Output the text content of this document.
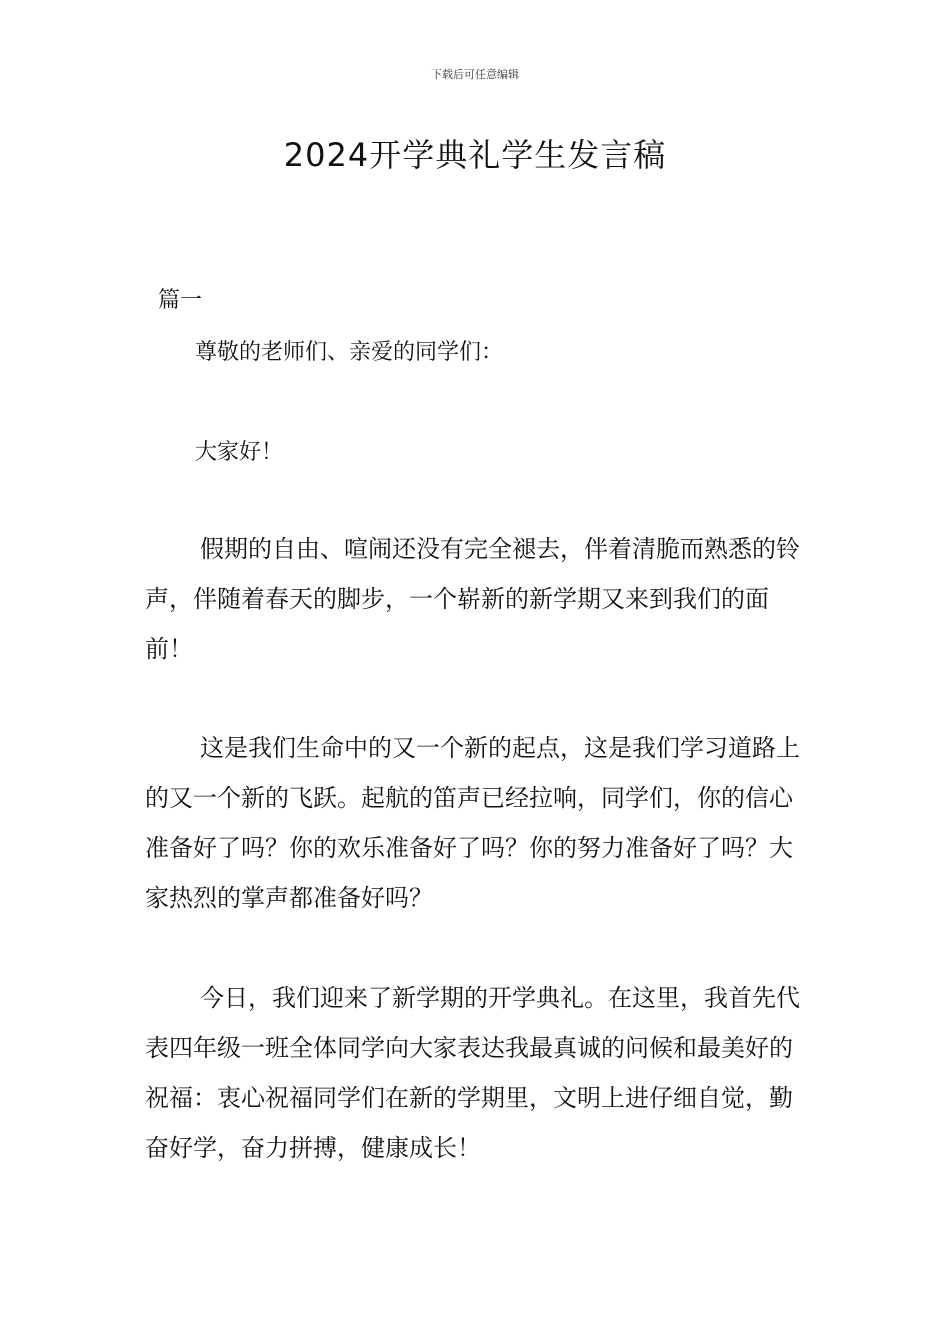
下载后可任意编辑
2024开学典礼学生发言稿
篇一
尊敬的老师们、亲爱的同学们：
大家好！

假期的自由、喧闹还没有完全褪去，伴着清脆而熟悉的铃声，伴随着春天的脚步，一个崭新的新学期又来到我们的面前！

这是我们生命中的又一个新的起点，这是我们学习道路上的又一个新的飞跃。起航的笛声已经拉响，同学们，你的信心准备好了吗？你的欢乐准备好了吗？你的努力准备好了吗？大家热烈的掌声都准备好吗？

今日，我们迎来了新学期的开学典礼。在这里，我首先代表四年级一班全体同学向大家表达我最真诚的问候和最美好的祝福：衷心祝福同学们在新的学期里，文明上进仔细自觉，勤奋好学，奋力拼搏，健康成长！
